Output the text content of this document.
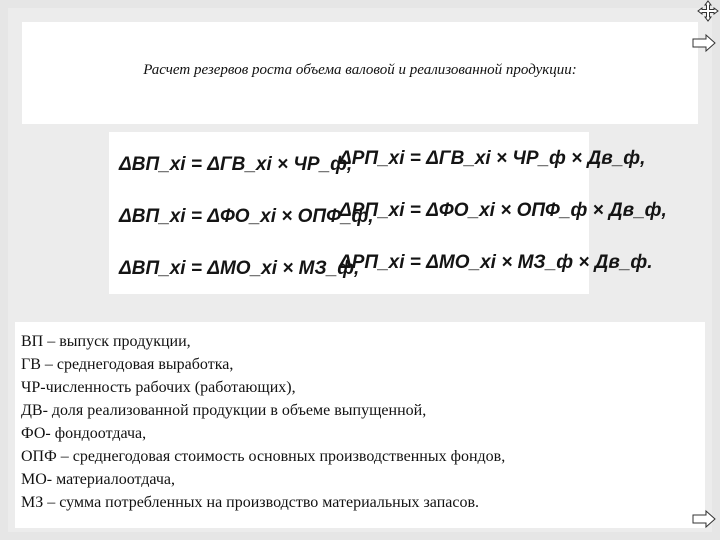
Расчет резервов роста объема валовой и реализованной продукции:
ΔВП_xi = ΔГВ_xi × ЧР_ф,
ΔВП_xi = ΔФО_xi × ОПФ_ф,
ΔВП_xi = ΔМО_xi × МЗ_ф,
ΔРП_xi = ΔГВ_xi × ЧР_ф × Дв_ф,
ΔРП_xi = ΔФО_xi × ОПФ_ф × Дв_ф,
ΔРП_xi = ΔМО_xi × МЗ_ф × Дв_ф.
ВП – выпуск продукции,
ГВ – среднегодовая выработка,
ЧР-численность рабочих (работающих),
ДВ- доля реализованной продукции в объеме выпущенной,
ФО- фондоотдача,
ОПФ – среднегодовая стоимость основных производственных фондов,
МО- материалоотдача,
МЗ – сумма потребленных на производство материальных запасов.
